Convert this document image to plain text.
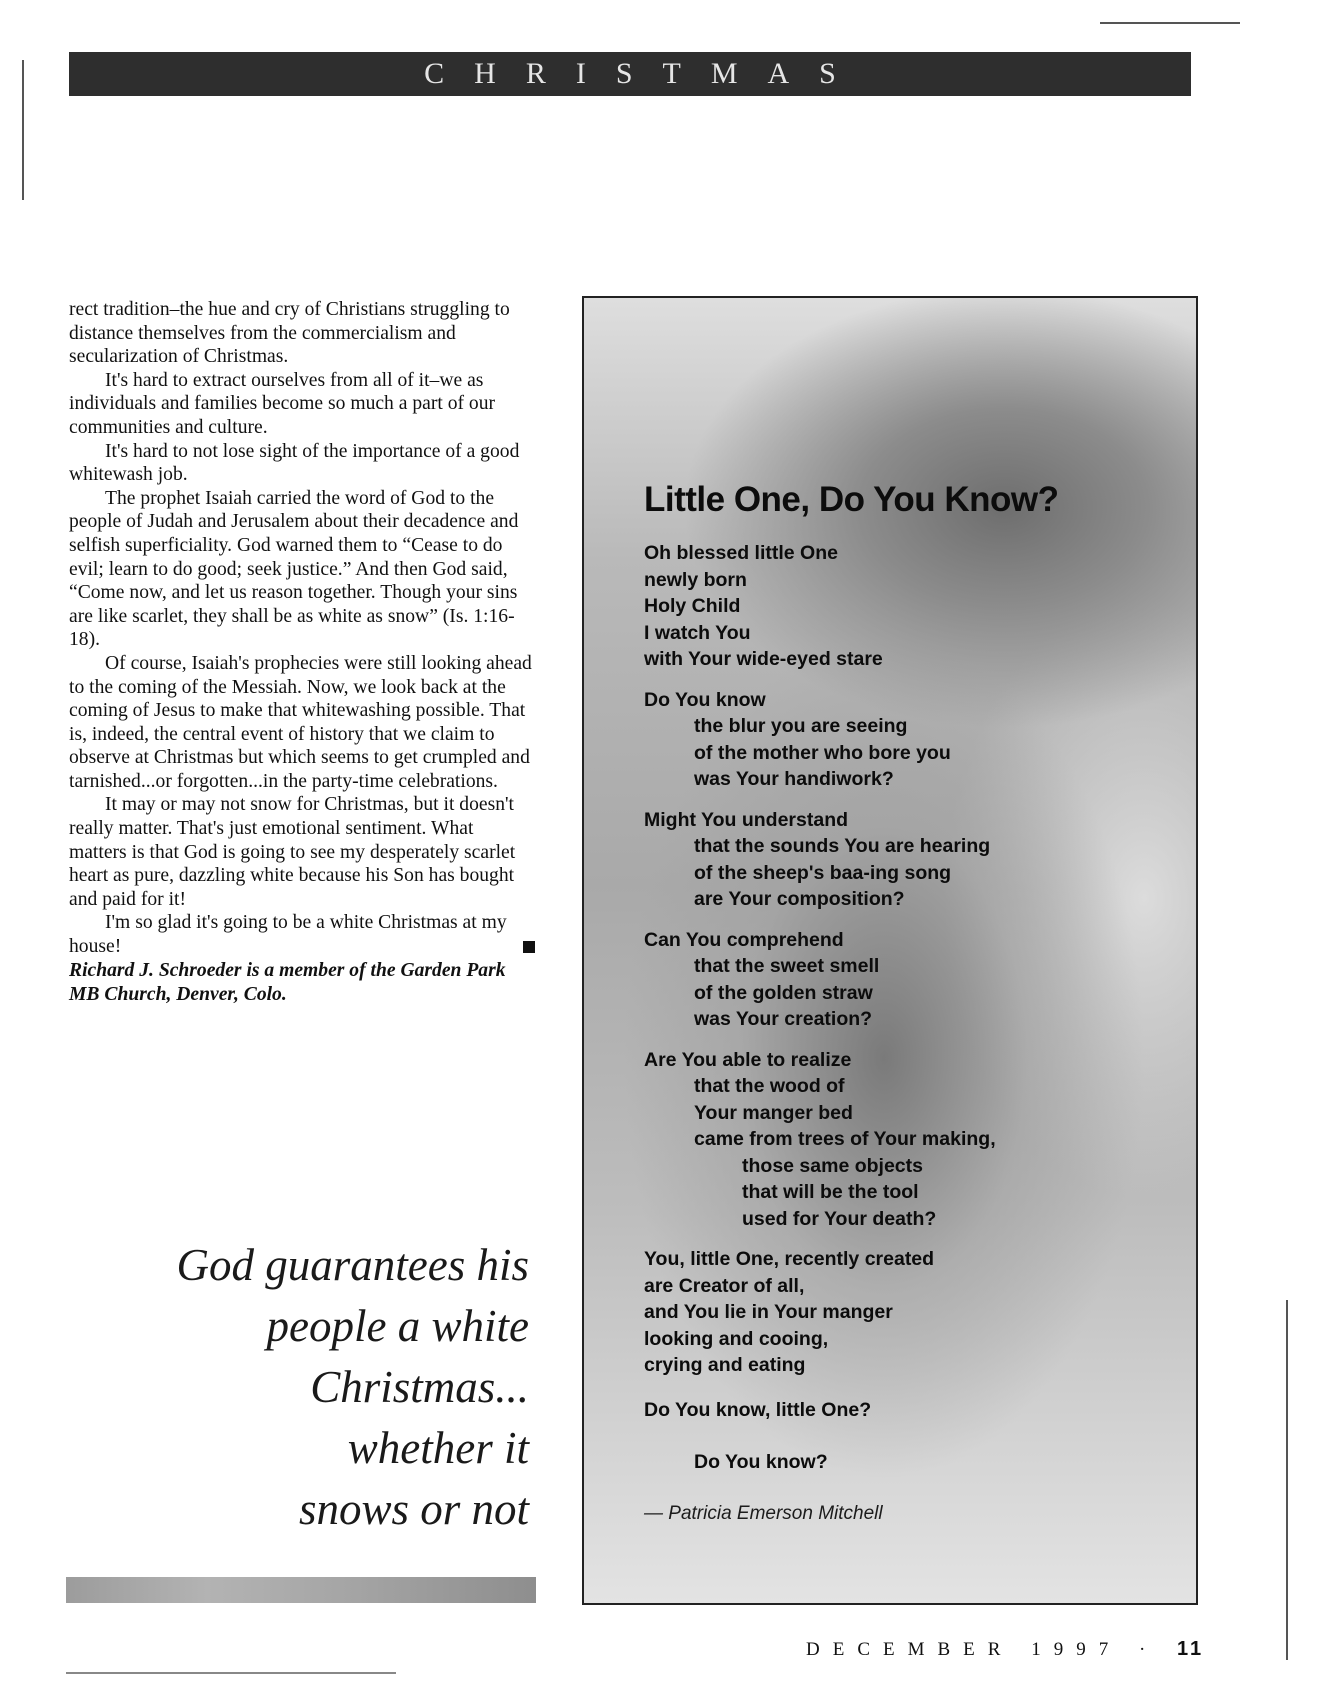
CHRISTMAS

rect tradition–the hue and cry of Christians struggling to distance themselves from the commercialism and secularization of Christmas.

It's hard to extract ourselves from all of it–we as individuals and families become so much a part of our communities and culture.

It's hard to not lose sight of the importance of a good whitewash job.

The prophet Isaiah carried the word of God to the people of Judah and Jerusalem about their decadence and selfish superficiality. God warned them to “Cease to do evil; learn to do good; seek justice.” And then God said, “Come now, and let us reason together. Though your sins are like scarlet, they shall be as white as snow” (Is. 1:16-18).

Of course, Isaiah's prophecies were still looking ahead to the coming of the Messiah. Now, we look back at the coming of Jesus to make that whitewashing possible. That is, indeed, the central event of history that we claim to observe at Christmas but which seems to get crumpled and tarnished...or forgotten...in the party-time celebrations.

It may or may not snow for Christmas, but it doesn't really matter. That's just emotional sentiment. What matters is that God is going to see my desperately scarlet heart as pure, dazzling white because his Son has bought and paid for it!

I'm so glad it's going to be a white Christmas at my house!

Richard J. Schroeder is a member of the Garden Park MB Church, Denver, Colo.

God guarantees his
people a white
Christmas...
whether it
snows or not
Little One, Do You Know?
Oh blessed little One
newly born
Holy Child
I watch You
with Your wide-eyed stare
Do You know
the blur you are seeing
of the mother who bore you
was Your handiwork?
Might You understand
that the sounds You are hearing
of the sheep's baa-ing song
are Your composition?
Can You comprehend
that the sweet smell
of the golden straw
was Your creation?
Are You able to realize
that the wood of
Your manger bed
came from trees of Your making,
those same objects
that will be the tool
used for Your death?
You, little One, recently created
are Creator of all,
and You lie in Your manger
looking and cooing,
crying and eating
Do You know, little One?
Do You know?
— Patricia Emerson Mitchell
DECEMBER 1997 · 11
